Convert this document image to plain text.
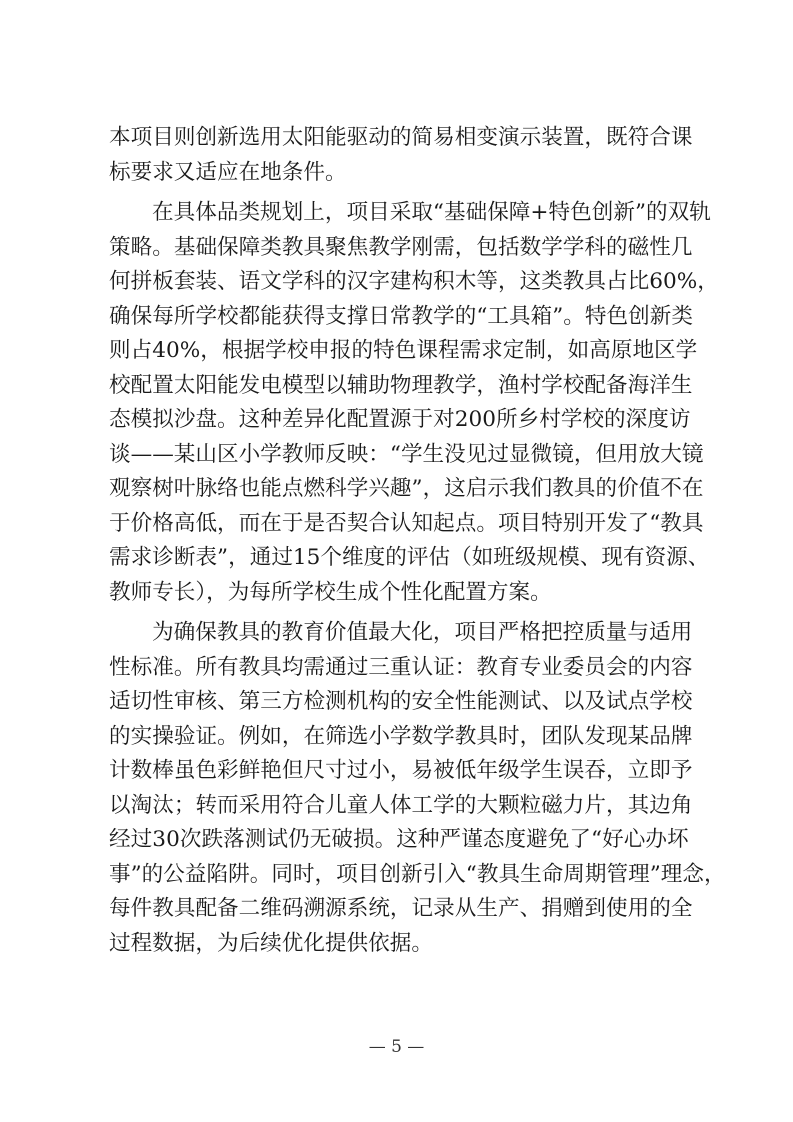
本 项 目 则 创 新 选 用 太 阳 能 驱 动 的 简 易 相 变 演 示 装 置 ， 既 符 合 课
标要求又适应在地条件。
在 具 体 品 类 规 划 上 ， 项 目 采 取 “ 基 础 保 障 + 特 色 创 新 ” 的 双 轨
策 略 。 基 础 保 障 类 教 具 聚 焦 教 学 刚 需 ， 包 括 数 学 学 科 的 磁 性 几
何 拼 板 套 装 、 语 文 学 科 的 汉 字 建 构 积 木 等 ， 这 类 教 具 占 比 6 0 % ，
确 保 每 所 学 校 都 能 获 得 支 撑 日 常 教 学 的 “ 工 具 箱 ” 。 特 色 创 新 类
则 占 4 0 % ， 根 据 学 校 申 报 的 特 色 课 程 需 求 定 制 ， 如 高 原 地 区 学
校 配 置 太 阳 能 发 电 模 型 以 辅 助 物 理 教 学 ， 渔 村 学 校 配 备 海 洋 生
态 模 拟 沙 盘 。 这 种 差 异 化 配 置 源 于 对 2 0 0 所 乡 村 学 校 的 深 度 访
谈 — — 某 山 区 小 学 教 师 反 映 ： “ 学 生 没 见 过 显 微 镜 ， 但 用 放 大 镜
观 察 树 叶 脉 络 也 能 点 燃 科 学 兴 趣 ” ， 这 启 示 我 们 教 具 的 价 值 不 在
于 价 格 高 低 ， 而 在 于 是 否 契 合 认 知 起 点 。 项 目 特 别 开 发 了 “ 教 具
需 求 诊 断 表 ” ， 通 过 1 5 个 维 度 的 评 估 （ 如 班 级 规 模 、 现 有 资 源 、
教师专长），为每所学校生成个性化配置方案。
为 确 保 教 具 的 教 育 价 值 最 大 化 ， 项 目 严 格 把 控 质 量 与 适 用
性 标 准 。 所 有 教 具 均 需 通 过 三 重 认 证 ： 教 育 专 业 委 员 会 的 内 容
适 切 性 审 核 、 第 三 方 检 测 机 构 的 安 全 性 能 测 试 、 以 及 试 点 学 校
的 实 操 验 证 。 例 如 ， 在 筛 选 小 学 数 学 教 具 时 ， 团 队 发 现 某 品 牌
计 数 棒 虽 色 彩 鲜 艳 但 尺 寸 过 小 ， 易 被 低 年 级 学 生 误 吞 ， 立 即 予
以 淘 汰 ； 转 而 采 用 符 合 儿 童 人 体 工 学 的 大 颗 粒 磁 力 片 ， 其 边 角
经 过 3 0 次 跌 落 测 试 仍 无 破 损 。 这 种 严 谨 态 度 避 免 了 “ 好 心 办 坏
事 ” 的 公 益 陷 阱 。 同 时 ， 项 目 创 新 引 入 “ 教 具 生 命 周 期 管 理 ” 理 念 ，
每 件 教 具 配 备 二 维 码 溯 源 系 统 ， 记 录 从 生 产 、 捐 赠 到 使 用 的 全
过程数据，为后续优化提供依据。
— 5 —
